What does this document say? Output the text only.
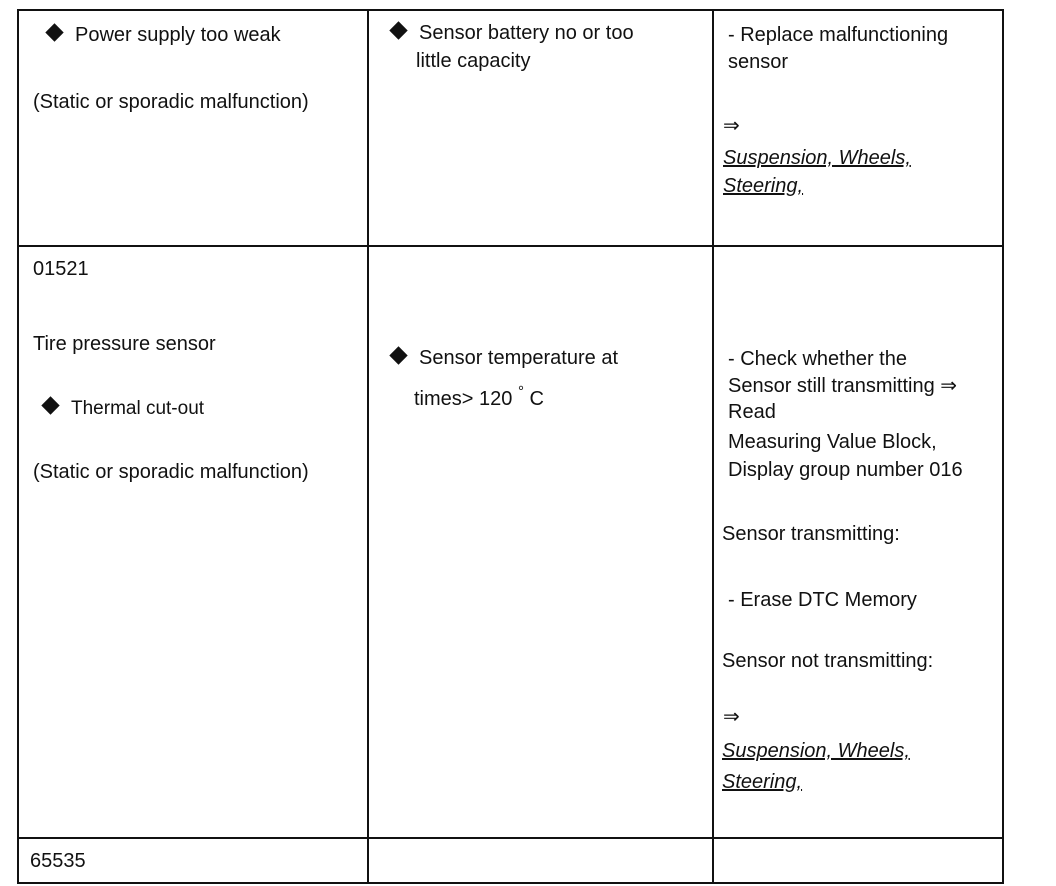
Power supply too weak
(Static or sporadic malfunction)
Sensor battery no or too
little capacity
- Replace malfunctioning
sensor
⇒
Suspension, Wheels,
Steering,
01521
Tire pressure sensor
Thermal cut-out
(Static or sporadic malfunction)
Sensor temperature at
times> 120 ° C
- Check whether the
Sensor still transmitting ⇒
Read
Measuring Value Block,
Display group number 016
Sensor transmitting:
- Erase DTC Memory
Sensor not transmitting:
⇒
Suspension, Wheels,
Steering,
65535
